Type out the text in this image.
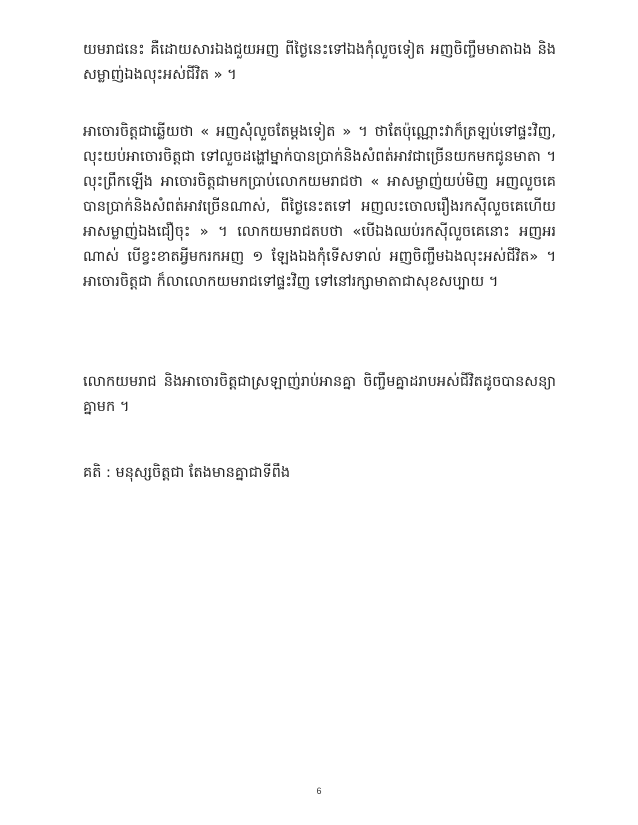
យមរាជនេះ គឺដោយសារឯងជួយអញ ពីថ្ងៃនេះទៅឯងកុំលួចទៀត អញចិញ្ចឹមមាតាឯង និងសម្លាញ់ឯងលុះអស់ជីវិត » ។

អាចោរចិត្តជាឆ្លើយថា « អញសុំលួចតែម្ដងទៀត » ។ ថាតែប៉ុណ្ណោះវាក៏ត្រឡប់ទៅផ្ទះវិញ, លុះយប់អាចោរចិត្តជា ទៅលួចដង្ហៅម្នាក់បានប្រាក់និងសំពត់អាវជាច្រើនយកមកជូនមាតា ។ លុះព្រឹកឡើង អាចោរចិត្តជាមកប្រាប់លោកយមរាជថា « អាសម្លាញ់យប់មិញ អញលួចគេ បានប្រាក់និងសំពត់អាវច្រើនណាស់, ពីថ្ងៃនេះតទៅ អញលះចោលរឿងរកស៊ីលួចគេហើយ អាសម្លាញ់ឯងជឿចុះ » ។ លោកយមរាជតបថា «បើឯងឈប់រកស៊ីលួចគេនោះ អញអរណាស់ បើខ្វះខាតអ្វីមករកអញ ១ ឡែងឯងកុំទើសទាល់ អញចិញ្ចឹមឯងលុះអស់ជីវិត» ។ អាចោរចិត្តជា ក៏លាលោកយមរាជទៅផ្ទះវិញ ទៅនៅរក្សាមាតាជាសុខសប្បាយ ។

លោកយមរាជ និងអាចោរចិត្តជាស្រឡាញ់រាប់អានគ្នា ចិញ្ចឹមគ្នាដរាបអស់ជីវិតដូចបានសន្យាគ្នាមក ។

គតិ : មនុស្សចិត្តជា តែងមានគ្នាជាទីពឹង

6
